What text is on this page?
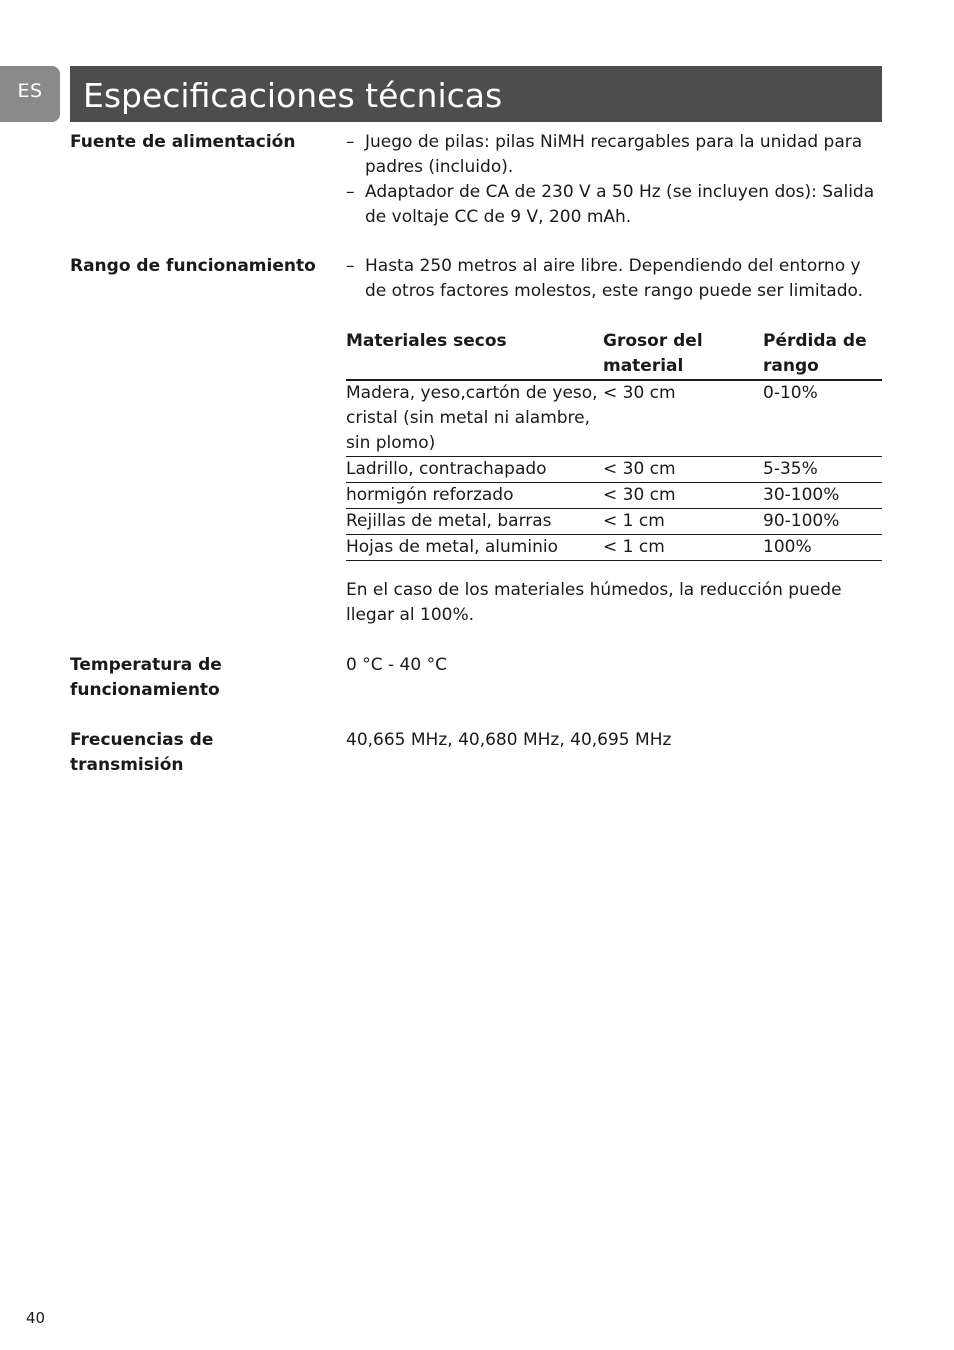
ES	Especificaciones técnicas
Fuente de alimentación	– Juego de pilas: pilas NiMH recargables para la unidad para padres (incluido).
– Adaptador de CA de 230 V a 50 Hz (se incluyen dos): Salida de voltaje CC de 9 V, 200 mAh.
Rango de funcionamiento	– Hasta 250 metros al aire libre. Dependiendo del entorno y de otros factores molestos, este rango puede ser limitado.
Materiales secos	Grosor del material	Pérdida de rango
Madera, yeso,cartón de yeso, cristal (sin metal ni alambre, sin plomo)	< 30 cm	0-10%
Ladrillo, contrachapado	< 30 cm	5-35%
hormigón reforzado	< 30 cm	30-100%
Rejillas de metal, barras	< 1 cm	90-100%
Hojas de metal, aluminio	< 1 cm	100%
En el caso de los materiales húmedos, la reducción puede llegar al 100%.
Temperatura de funcionamiento
0 °C - 40 °C
Frecuencias de transmisión
40,665 MHz, 40,680 MHz, 40,695 MHz
40
